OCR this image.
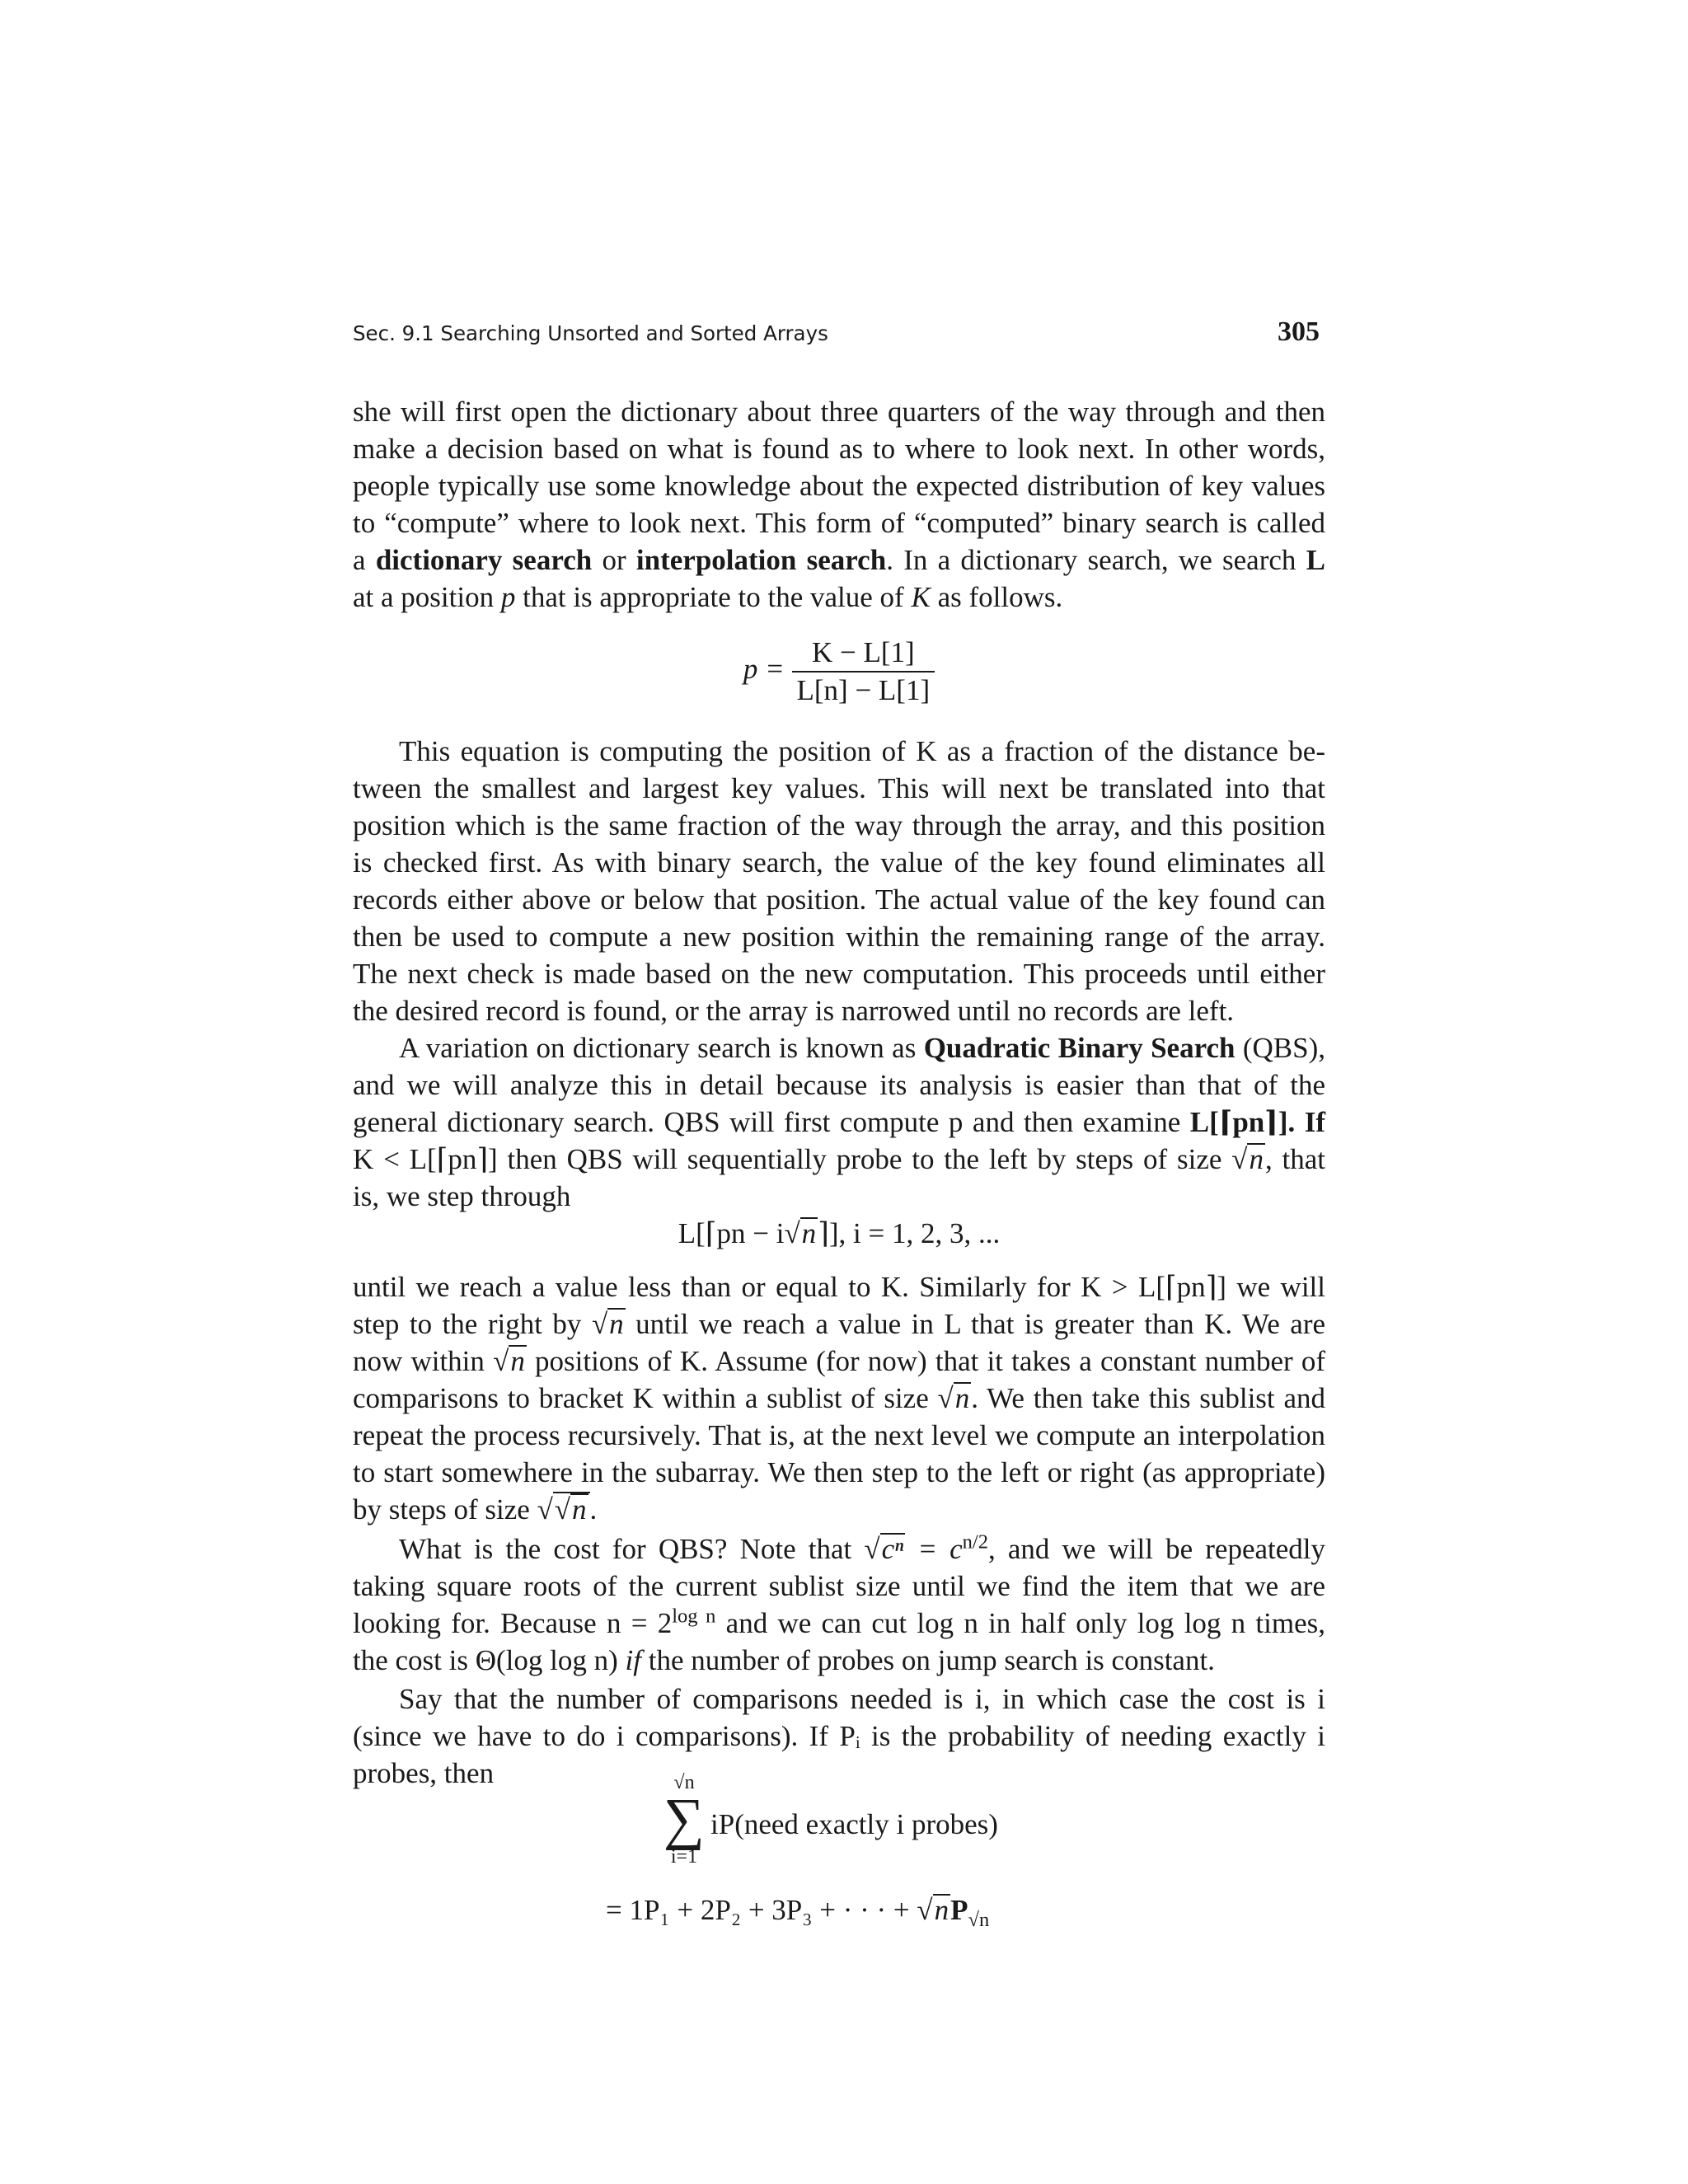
Sec. 9.1 Searching Unsorted and Sorted Arrays	305
she will first open the dictionary about three quarters of the way through and then
make a decision based on what is found as to where to look next. In other words,
people typically use some knowledge about the expected distribution of key values
to “compute” where to look next. This form of “computed” binary search is called
a dictionary search or interpolation search. In a dictionary search, we search L
at a position p that is appropriate to the value of K as follows.
$p = \frac{K - L[1]}{L[n] - L[1]}$
This equation is computing the position of K as a fraction of the distance be-
tween the smallest and largest key values. This will next be translated into that
position which is the same fraction of the way through the array, and this position
is checked first. As with binary search, the value of the key found eliminates all
records either above or below that position. The actual value of the key found can
then be used to compute a new position within the remaining range of the array.
The next check is made based on the new computation. This proceeds until either
the desired record is found, or the array is narrowed until no records are left.
A variation on dictionary search is known as Quadratic Binary Search (QBS),
and we will analyze this in detail because its analysis is easier than that of the
general dictionary search. QBS will first compute p and then examine L[⌈pn⌉]. If
K < L[⌈pn⌉] then QBS will sequentially probe to the left by steps of size √n, that
is, we step through
L[⌈pn − i√n⌉], i = 1, 2, 3, ...
until we reach a value less than or equal to K. Similarly for K > L[⌈pn⌉] we will
step to the right by √n until we reach a value in L that is greater than K. We are
now within √n positions of K. Assume (for now) that it takes a constant number of
comparisons to bracket K within a sublist of size √n. We then take this sublist and
repeat the process recursively. That is, at the next level we compute an interpolation
to start somewhere in the subarray. We then step to the left or right (as appropriate)
by steps of size √√n .
What is the cost for QBS? Note that $√c^n = c^{n/2}$, and we will be repeatedly
taking square roots of the current sublist size until we find the item that we are
looking for. Because $n = 2^{log n}$ and we can cut log n in half only log log n times,
the cost is Θ(log log n) if the number of probes on jump search is constant.
Say that the number of comparisons needed is i, in which case the cost is i
(since we have to do i comparisons). If Pᵢ is the probability of needing exactly i
probes, then	√n
∑
i=1
iP(need exactly i probes)
= 1P₁ + 2P₂ + 3P₃ + · · · + $√nP_{√n}$
